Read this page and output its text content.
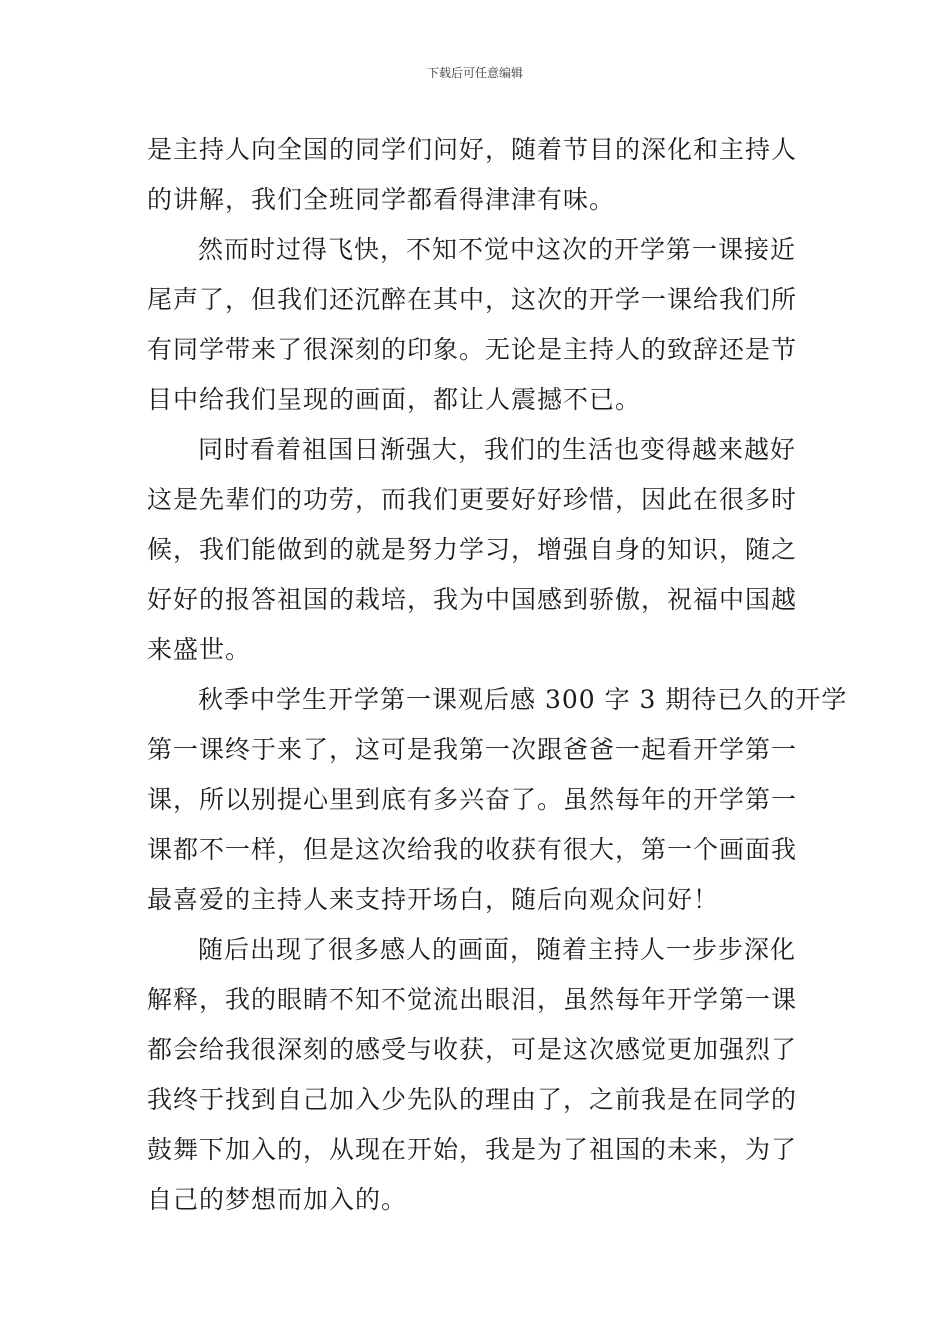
下载后可任意编辑
是主持人向全国的同学们问好，随着节目的深化和主持人
的讲解，我们全班同学都看得津津有味。
然而时过得飞快，不知不觉中这次的开学第一课接近
尾声了，但我们还沉醉在其中，这次的开学一课给我们所
有同学带来了很深刻的印象。无论是主持人的致辞还是节
目中给我们呈现的画面，都让人震撼不已。
同时看着祖国日渐强大，我们的生活也变得越来越好
这是先辈们的功劳，而我们更要好好珍惜，因此在很多时
候，我们能做到的就是努力学习，增强自身的知识，随之
好好的报答祖国的栽培，我为中国感到骄傲，祝福中国越
来盛世。
秋季中学生开学第一课观后感 300 字 3 期待已久的开学
第一课终于来了，这可是我第一次跟爸爸一起看开学第一
课，所以别提心里到底有多兴奋了。虽然每年的开学第一
课都不一样，但是这次给我的收获有很大，第一个画面我
最喜爱的主持人来支持开场白，随后向观众问好！
随后出现了很多感人的画面，随着主持人一步步深化
解释，我的眼睛不知不觉流出眼泪，虽然每年开学第一课
都会给我很深刻的感受与收获，可是这次感觉更加强烈了
我终于找到自己加入少先队的理由了，之前我是在同学的
鼓舞下加入的，从现在开始，我是为了祖国的未来，为了
自己的梦想而加入的。
